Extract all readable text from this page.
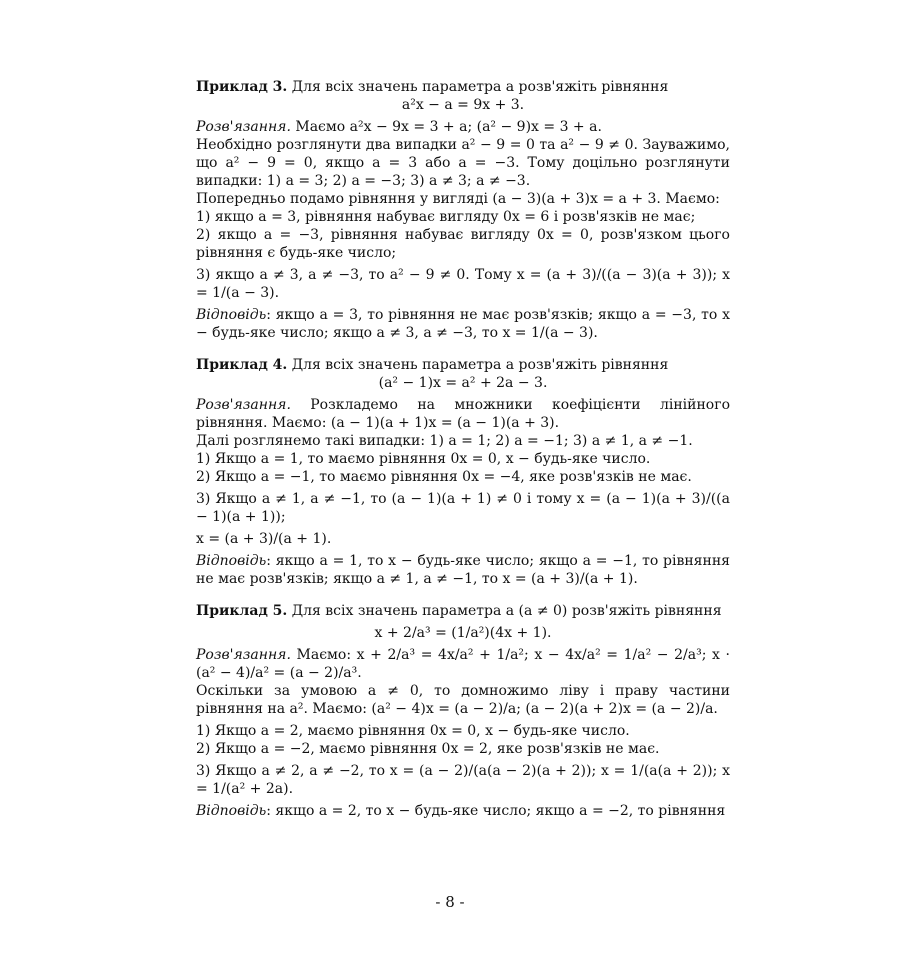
Приклад 3. Для всіх значень параметра a розв'яжіть рівняння

a²x − a = 9x + 3.

Розв'язання. Маємо a²x − 9x = 3 + a; (a² − 9)x = 3 + a.

Необхідно розглянути два випадки a² − 9 = 0 та a² − 9 ≠ 0. Зауважимо, що a² − 9 = 0, якщо a = 3 або a = −3. Тому доцільно розглянути випадки: 1) a = 3; 2) a = −3; 3) a ≠ 3; a ≠ −3.

Попередньо подамо рівняння у вигляді (a − 3)(a + 3)x = a + 3. Маємо:

1) якщо a = 3, рівняння набуває вигляду 0x = 6 і розв'язків не має;

2) якщо a = −3, рівняння набуває вигляду 0x = 0, розв'язком цього рівняння є будь-яке число;

3) якщо a ≠ 3, a ≠ −3, то a² − 9 ≠ 0. Тому x = (a + 3)/((a − 3)(a + 3)); x = 1/(a − 3).

Відповідь: якщо a = 3, то рівняння не має розв'язків; якщо a = −3, то x − будь-яке число; якщо a ≠ 3, a ≠ −3, то x = 1/(a − 3).

Приклад 4. Для всіх значень параметра a розв'яжіть рівняння

(a² − 1)x = a² + 2a − 3.

Розв'язання. Розкладемо на множники коефіцієнти лінійного рівняння. Маємо: (a − 1)(a + 1)x = (a − 1)(a + 3).

Далі розглянемо такі випадки: 1) a = 1; 2) a = −1; 3) a ≠ 1, a ≠ −1.

1) Якщо a = 1, то маємо рівняння 0x = 0, x − будь-яке число.

2) Якщо a = −1, то маємо рівняння 0x = −4, яке розв'язків не має.

3) Якщо a ≠ 1, a ≠ −1, то (a − 1)(a + 1) ≠ 0 і тому x = (a − 1)(a + 3)/((a − 1)(a + 1));

x = (a + 3)/(a + 1).

Відповідь: якщо a = 1, то x − будь-яке число; якщо a = −1, то рівняння не має розв'язків; якщо a ≠ 1, a ≠ −1, то x = (a + 3)/(a + 1).

Приклад 5. Для всіх значень параметра a (a ≠ 0) розв'яжіть рівняння

x + 2/a³ = (1/a²)(4x + 1).

Розв'язання. Маємо: x + 2/a³ = 4x/a² + 1/a²; x − 4x/a² = 1/a² − 2/a³; x · (a² − 4)/a² = (a − 2)/a³.

Оскільки за умовою a ≠ 0, то домножимо ліву і праву частини рівняння на a². Маємо: (a² − 4)x = (a − 2)/a; (a − 2)(a + 2)x = (a − 2)/a.

1) Якщо a = 2, маємо рівняння 0x = 0, x − будь-яке число.

2) Якщо a = −2, маємо рівняння 0x = 2, яке розв'язків не має.

3) Якщо a ≠ 2, a ≠ −2, то x = (a − 2)/(a(a − 2)(a + 2)); x = 1/(a(a + 2)); x = 1/(a² + 2a).

Відповідь: якщо a = 2, то x − будь-яке число; якщо a = −2, то рівняння

- 8 -
